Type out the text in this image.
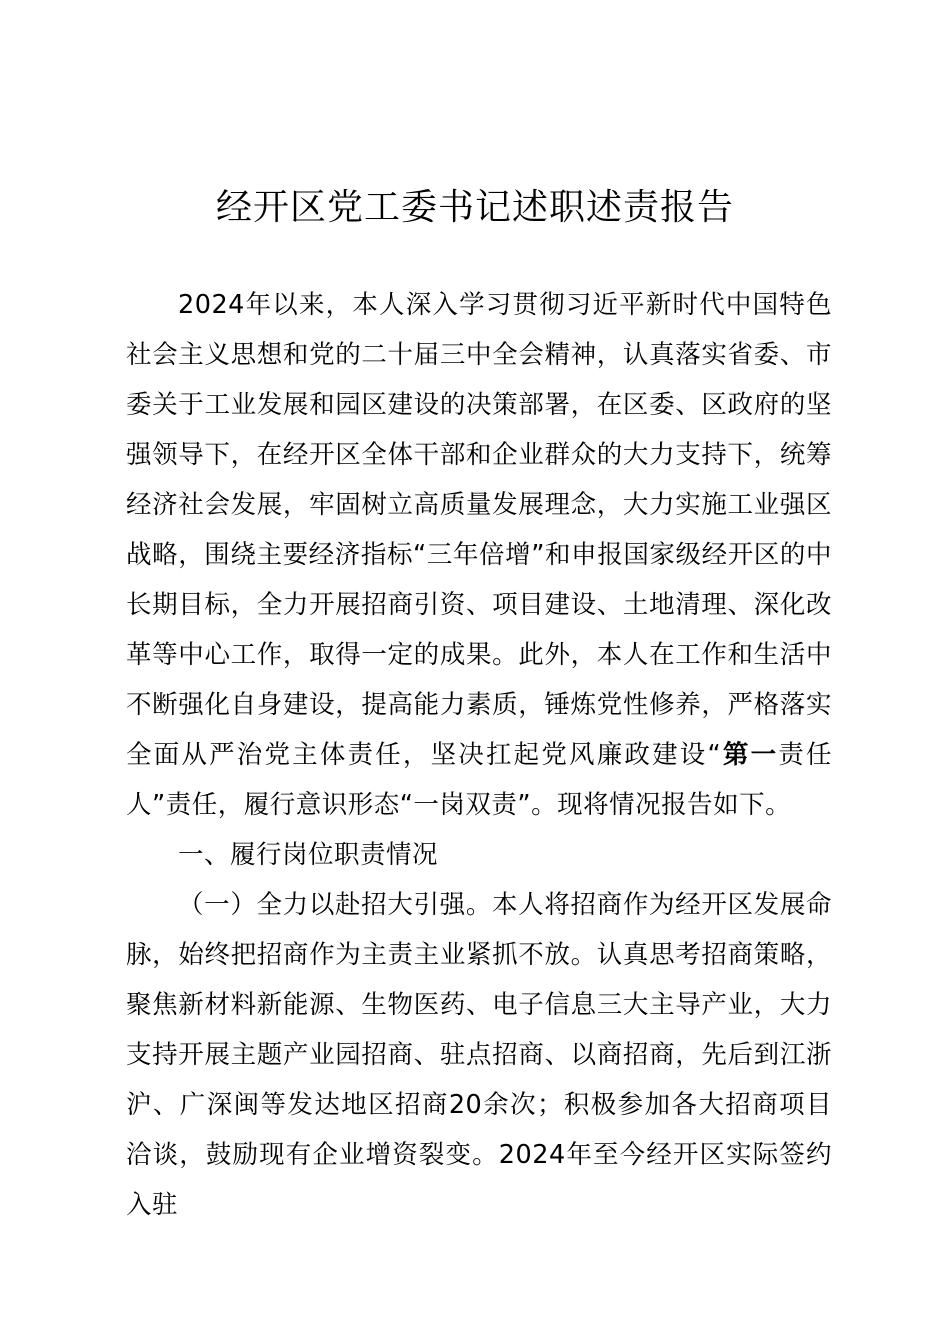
经开区党工委书记述职述责报告

2024年以来，本人深入学习贯彻习近平新时代中国特色社会主义思想和党的二十届三中全会精神，认真落实省委、市委关于工业发展和园区建设的决策部署，在区委、区政府的坚强领导下，在经开区全体干部和企业群众的大力支持下，统筹经济社会发展，牢固树立高质量发展理念，大力实施工业强区战略，围绕主要经济指标“三年倍增”和申报国家级经开区的中长期目标，全力开展招商引资、项目建设、土地清理、深化改革等中心工作，取得一定的成果。此外，本人在工作和生活中不断强化自身建设，提高能力素质，锤炼党性修养，严格落实全面从严治党主体责任，坚决扛起党风廉政建设“第一责任人”责任，履行意识形态“一岗双责”。现将情况报告如下。

一、履行岗位职责情况

（一）全力以赴招大引强。本人将招商作为经开区发展命脉，始终把招商作为主责主业紧抓不放。认真思考招商策略，聚焦新材料新能源、生物医药、电子信息三大主导产业，大力支持开展主题产业园招商、驻点招商、以商招商，先后到江浙沪、广深闽等发达地区招商20余次；积极参加各大招商项目洽谈，鼓励现有企业增资裂变。2024年至今经开区实际签约入驻
